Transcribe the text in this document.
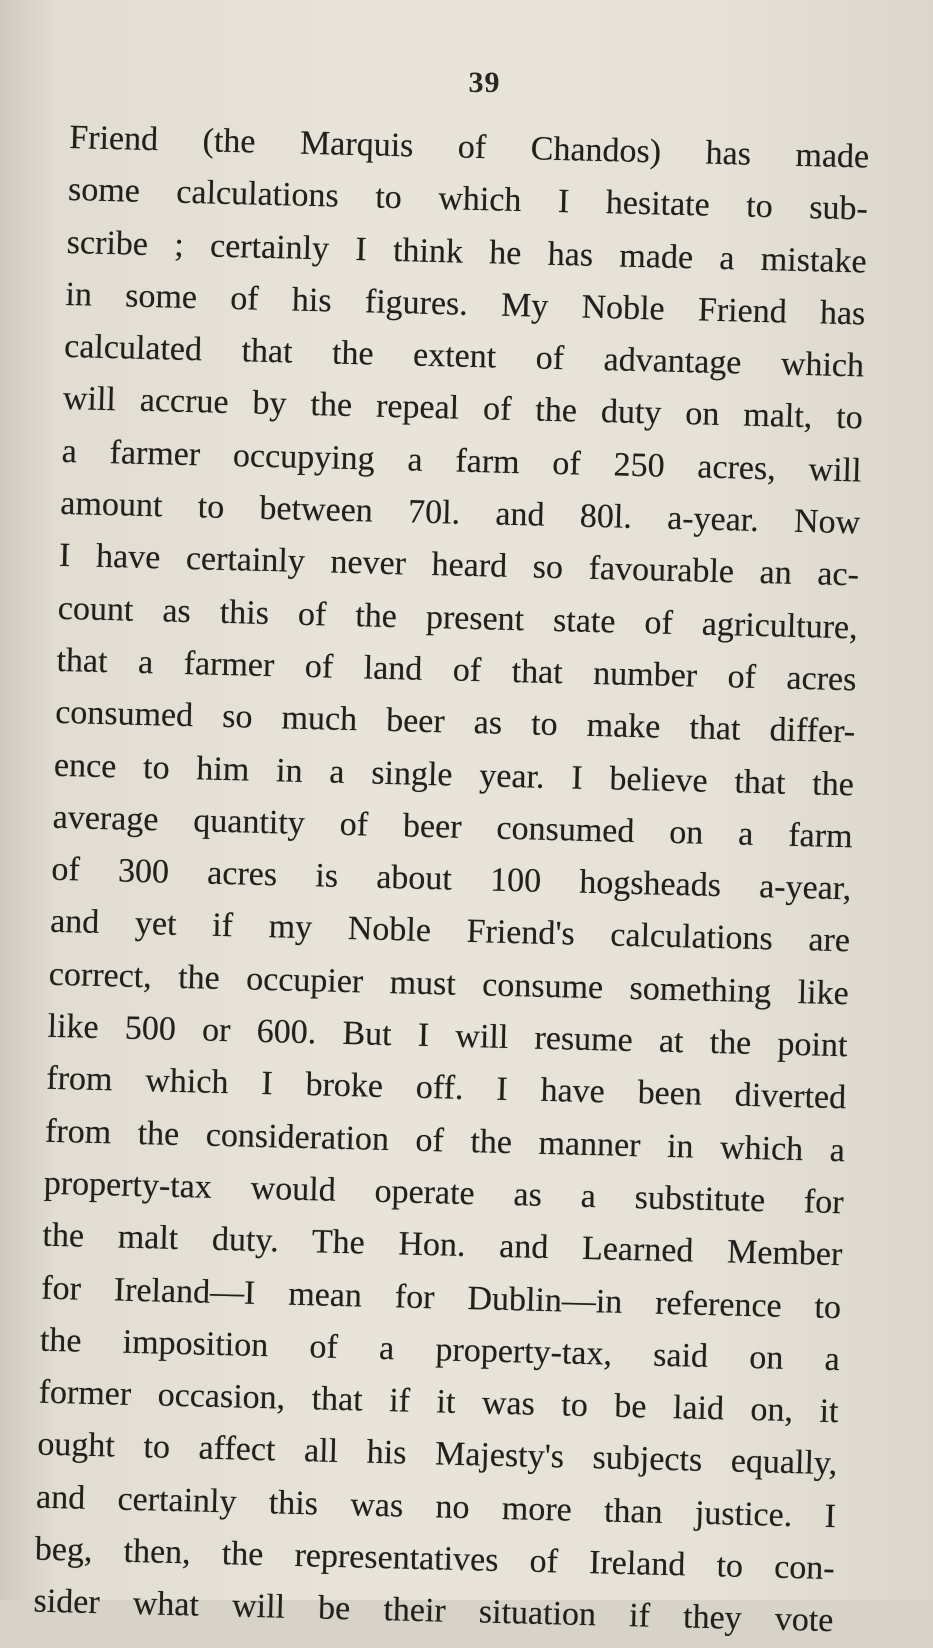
39
Friend (the Marquis of Chandos) has made
some calculations to which I hesitate to sub-
scribe ; certainly I think he has made a mistake
in some of his figures. My Noble Friend has
calculated that the extent of advantage which
will accrue by the repeal of the duty on malt, to
a farmer occupying a farm of 250 acres, will
amount to between 70l. and 80l. a-year. Now
I have certainly never heard so favourable an ac-
count as this of the present state of agriculture,
that a farmer of land of that number of acres
consumed so much beer as to make that differ-
ence to him in a single year. I believe that the
average quantity of beer consumed on a farm
of 300 acres is about 100 hogsheads a-year,
and yet if my Noble Friend's calculations are
correct, the occupier must consume something like
like 500 or 600. But I will resume at the point
from which I broke off. I have been diverted
from the consideration of the manner in which a
property-tax would operate as a substitute for
the malt duty. The Hon. and Learned Member
for Ireland—I mean for Dublin—in reference to
the imposition of a property-tax, said on a
former occasion, that if it was to be laid on, it
ought to affect all his Majesty's subjects equally,
and certainly this was no more than justice. I
beg, then, the representatives of Ireland to con-
sider what will be their situation if they vote
